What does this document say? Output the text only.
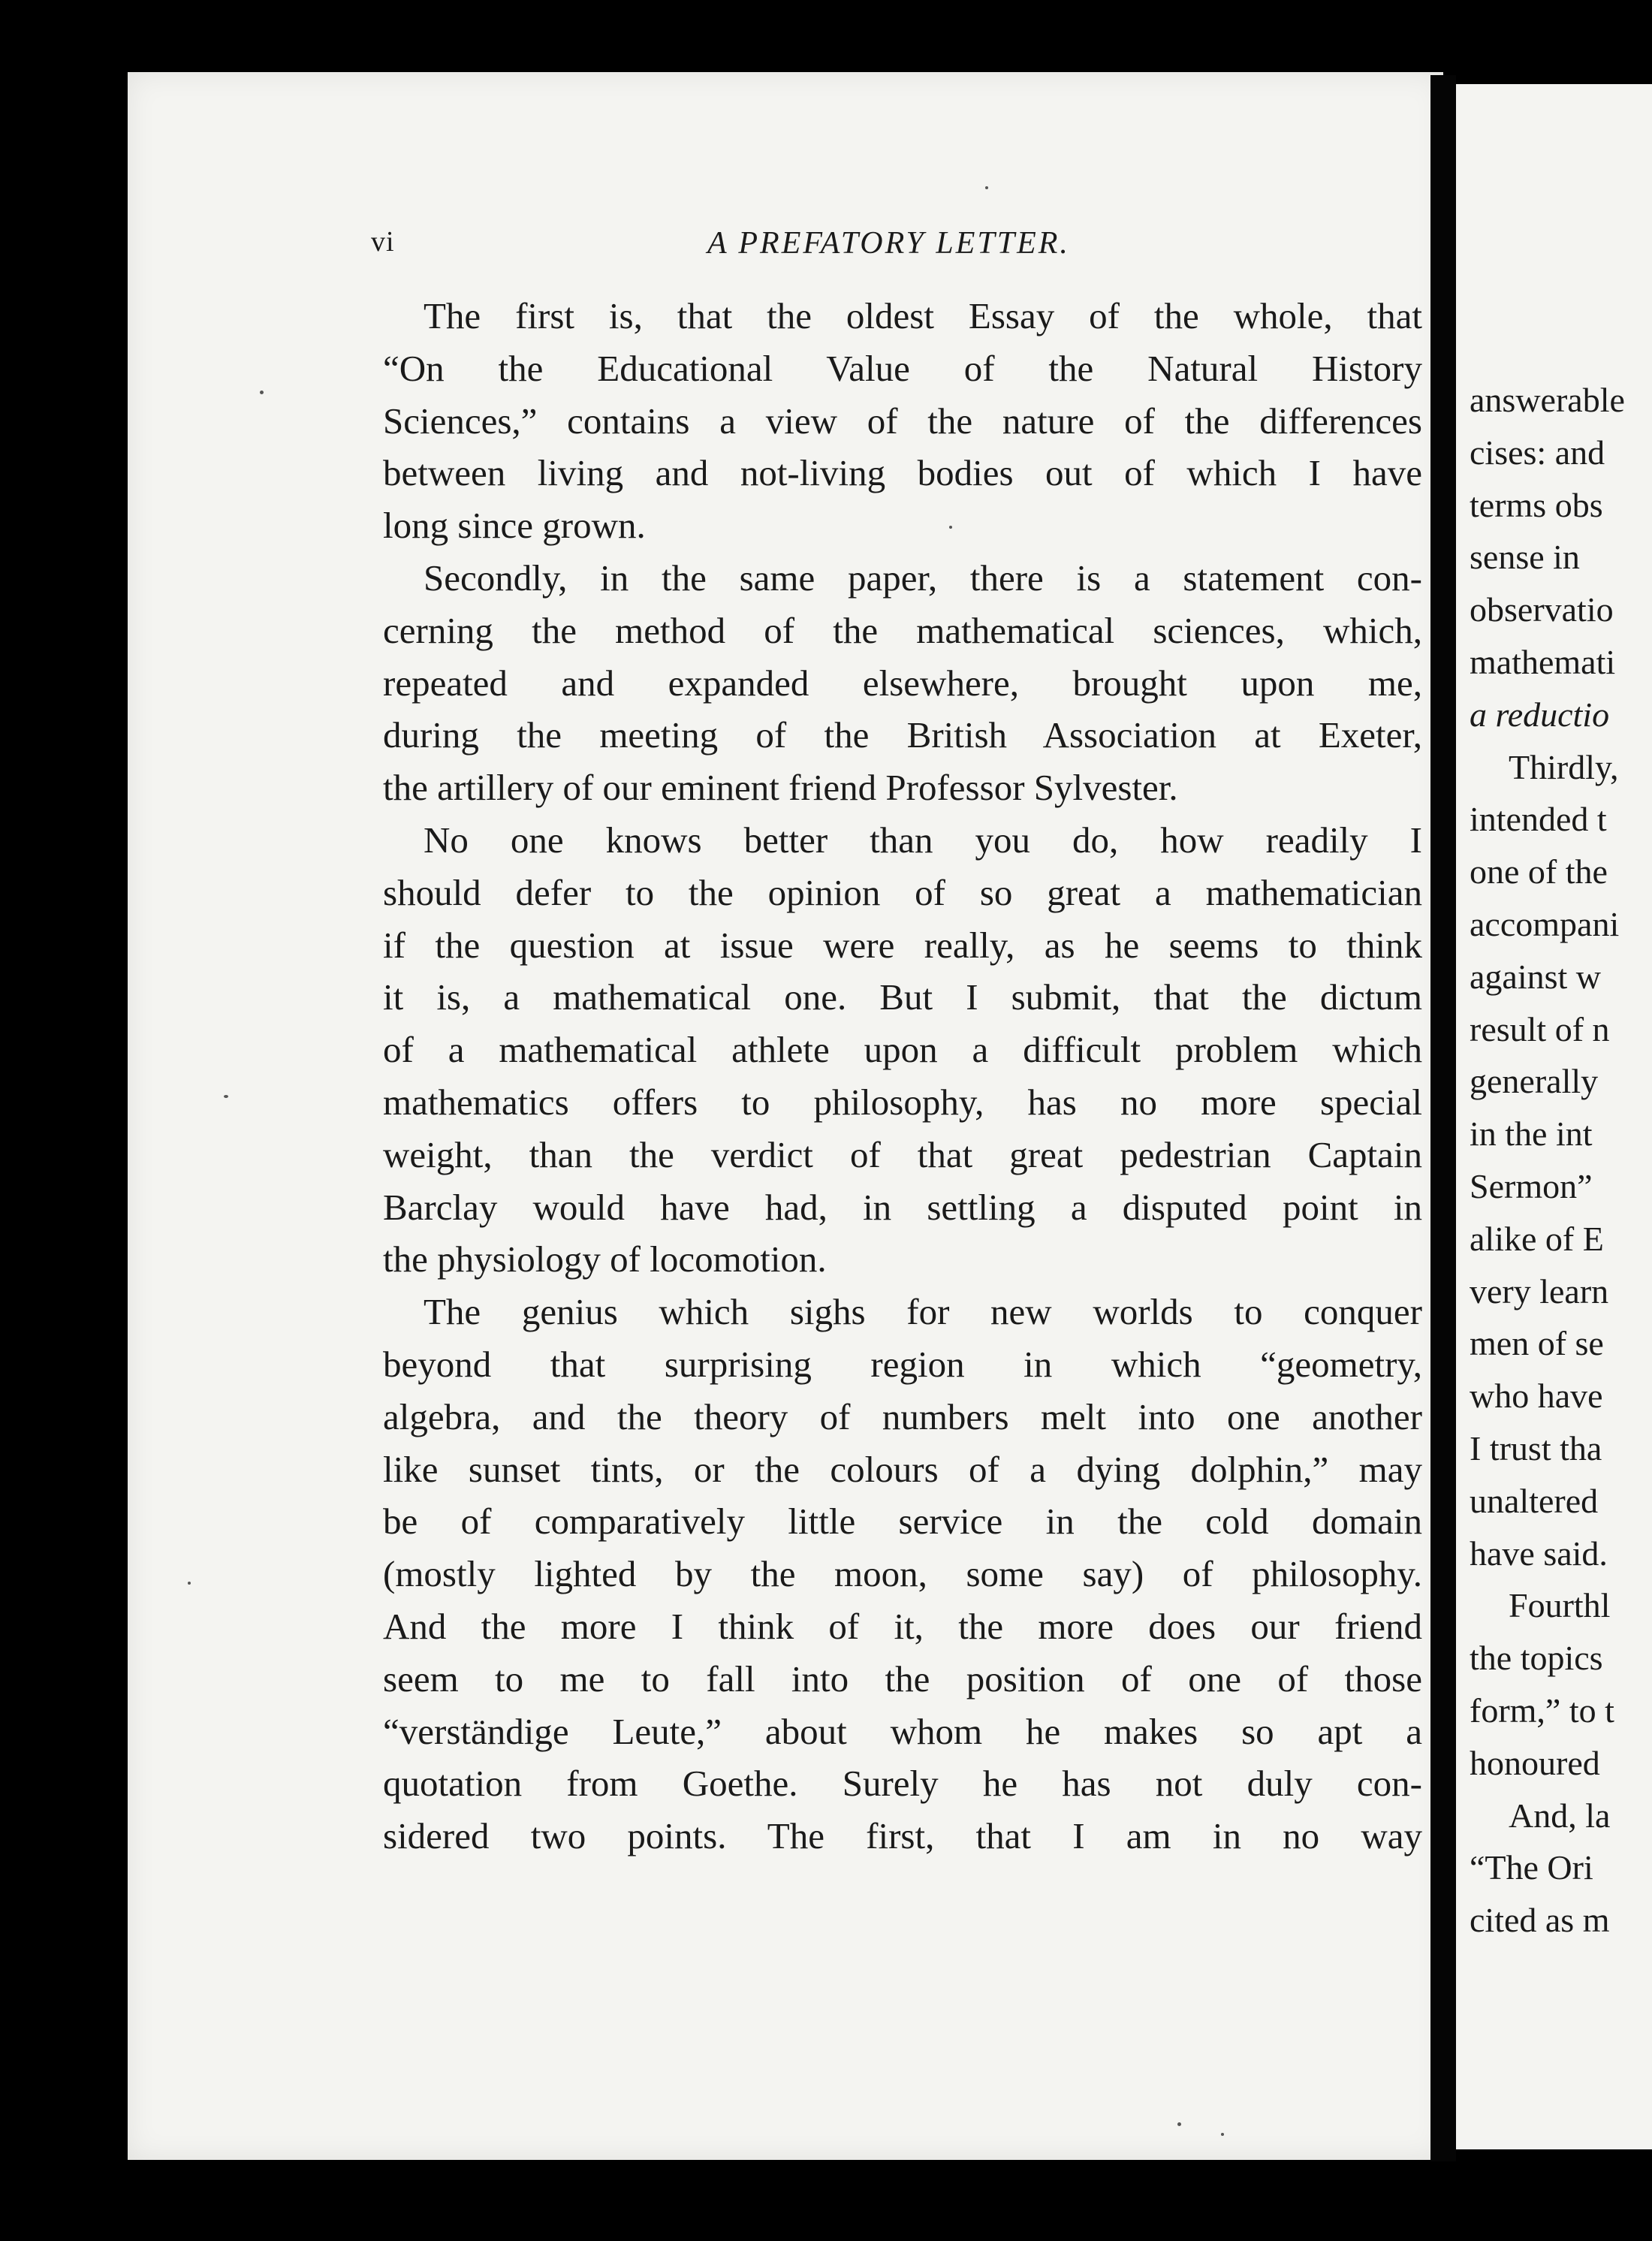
answerable
cises: and
terms obs
sense in
observatio
mathemati
a reductio
Thirdly,
intended t
one of the
accompani
against w
result of n
generally
in the int
Sermon”
alike of E
very learn
men of se
who have
I trust tha
unaltered
have said.
Fourthl
the topics
form,” to t
honoured
And, la
“The Ori
cited as m
vi	A PREFATORY LETTER.
The first is, that the oldest Essay of the whole, that
“On the Educational Value of the Natural History
Sciences,” contains a view of the nature of the differences
between living and not-living bodies out of which I have
long since grown.
Secondly, in the same paper, there is a statement con-
cerning the method of the mathematical sciences, which,
repeated and expanded elsewhere, brought upon me,
during the meeting of the British Association at Exeter,
the artillery of our eminent friend Professor Sylvester.
No one knows better than you do, how readily I
should defer to the opinion of so great a mathematician
if the question at issue were really, as he seems to think
it is, a mathematical one. But I submit, that the dictum
of a mathematical athlete upon a difficult problem which
mathematics offers to philosophy, has no more special
weight, than the verdict of that great pedestrian Captain
Barclay would have had, in settling a disputed point in
the physiology of locomotion.
The genius which sighs for new worlds to conquer
beyond that surprising region in which “geometry,
algebra, and the theory of numbers melt into one another
like sunset tints, or the colours of a dying dolphin,” may
be of comparatively little service in the cold domain
(mostly lighted by the moon, some say) of philosophy.
And the more I think of it, the more does our friend
seem to me to fall into the position of one of those
“verständige Leute,” about whom he makes so apt a
quotation from Goethe. Surely he has not duly con-
sidered two points. The first, that I am in no way
